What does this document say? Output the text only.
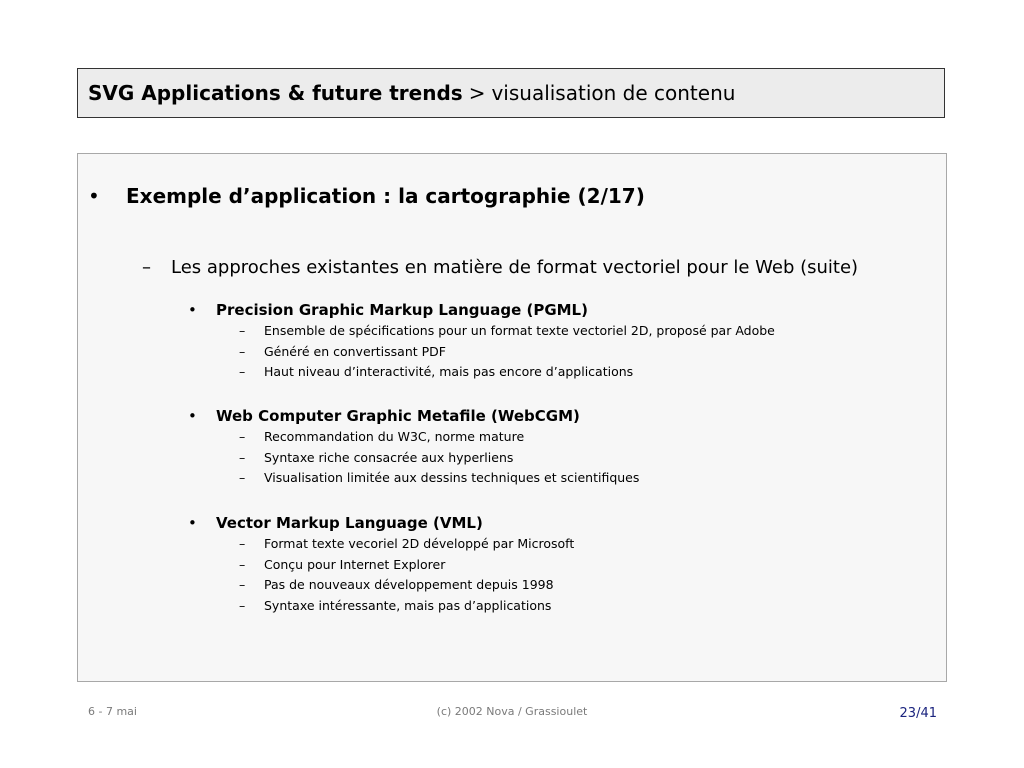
SVG Applications & future trends > visualisation de contenu
• Exemple d’application : la cartographie (2/17)
– Les approches existantes en matière de format vectoriel pour le Web (suite)
• Precision Graphic Markup Language (PGML)
– Ensemble de spécifications pour un format texte vectoriel 2D, proposé par Adobe
– Généré en convertissant PDF
– Haut niveau d’interactivité, mais pas encore d’applications
• Web Computer Graphic Metafile (WebCGM)
– Recommandation du W3C, norme mature
– Syntaxe riche consacrée aux hyperliens
– Visualisation limitée aux dessins techniques et scientifiques
• Vector Markup Language (VML)
– Format texte vecoriel 2D développé par Microsoft
– Conçu pour Internet Explorer
– Pas de nouveaux développement depuis 1998
– Syntaxe intéressante, mais pas d’applications
6 - 7 mai	(c) 2002 Nova / Grassioulet	23/41
